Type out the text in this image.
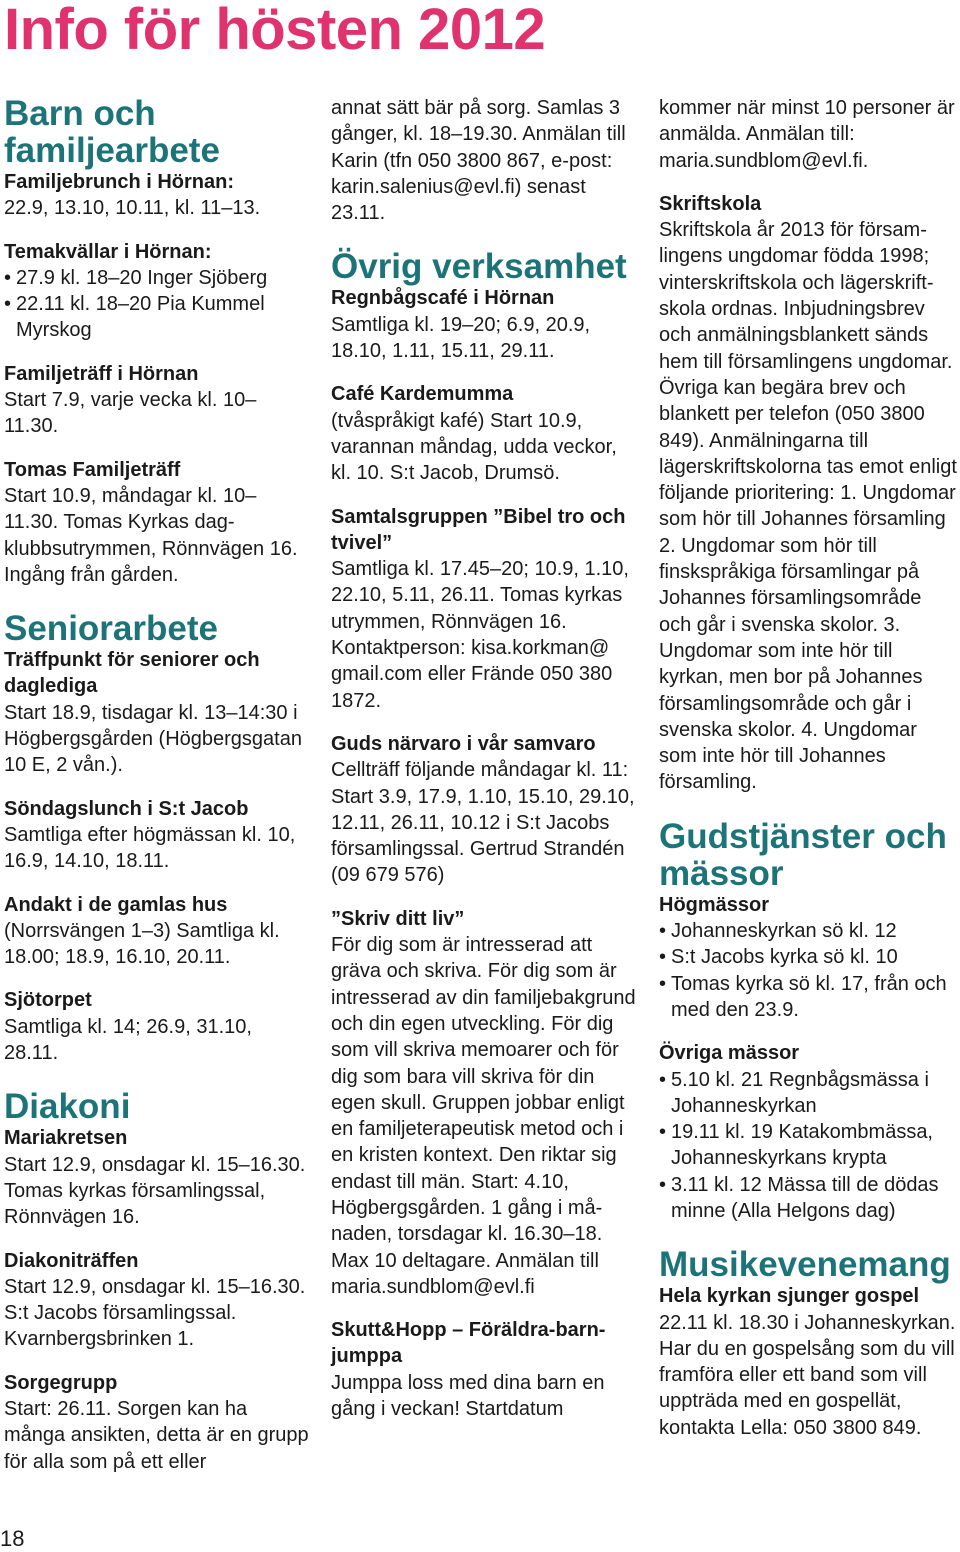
Info för hösten 2012
Barn och familjearbete

Familjebrunch i Hörnan:

22.9, 13.10, 10.11, kl. 11–13.

Temakvällar i Hörnan:

• 27.9 kl. 18–20 Inger Sjöberg

• 22.11 kl. 18–20 Pia Kummel Myrskog

Familjeträff i Hörnan

Start 7.9, varje vecka kl. 10–11.30.

Tomas Familjeträff

Start 10.9, måndagar kl. 10–11.30. Tomas Kyrkas dagklubbsutrymmen, Rönnvägen 16. Ingång från gården.

Seniorarbete

Träffpunkt för seniorer och daglediga

Start 18.9, tisdagar kl. 13–14:30 i Högbergsgården (Högbergsgatan 10 E, 2 vån.).

Söndagslunch i S:t Jacob

Samtliga efter högmässan kl. 10, 16.9, 14.10, 18.11.

Andakt i de gamlas hus

(Norrsvängen 1–3) Samtliga kl. 18.00; 18.9, 16.10, 20.11.

Sjötorpet

Samtliga kl. 14; 26.9, 31.10, 28.11.

Diakoni

Mariakretsen

Start 12.9, onsdagar kl. 15–16.30. Tomas kyrkas församlingssal, Rönnvägen 16.

Diakoniträffen

Start 12.9, onsdagar kl. 15–16.30. S:t Jacobs församlingssal. Kvarnbergsbrinken 1.

Sorgegrupp

Start: 26.11. Sorgen kan ha många ansikten, detta är en grupp för alla som på ett eller

annat sätt bär på sorg. Samlas 3 gånger, kl. 18–19.30. Anmälan till Karin (tfn 050 3800 867, e-post: karin.salenius@evl.fi) senast 23.11.

Övrig verksamhet

Regnbågscafé i Hörnan

Samtliga kl. 19–20; 6.9, 20.9, 18.10, 1.11, 15.11, 29.11.

Café Kardemumma

(tvåspråkigt kafé) Start 10.9, varannan måndag, udda veckor, kl. 10. S:t Jacob, Drumsö.

Samtalsgruppen ”Bibel tro och tvivel”

Samtliga kl. 17.45–20; 10.9, 1.10, 22.10, 5.11, 26.11. Tomas kyrkas utrymmen, Rönnvägen 16. Kontaktperson: kisa.korkman@ gmail.com eller Frände 050 380 1872.

Guds närvaro i vår samvaro

Cellträff följande måndagar kl. 11: Start 3.9, 17.9, 1.10, 15.10, 29.10, 12.11, 26.11, 10.12 i S:t Jacobs församlingssal. Gertrud Strandén (09 679 576)

”Skriv ditt liv”

För dig som är intresserad att gräva och skriva. För dig som är intresserad av din familjebakgrund och din egen utveckling. För dig som vill skriva memoarer och för dig som bara vill skriva för din egen skull. Gruppen jobbar enligt en familjeterapeutisk metod och i en kristen kontext. Den riktar sig endast till män. Start: 4.10, Högbergsgården. 1 gång i månaden, torsdagar kl. 16.30–18. Max 10 deltagare. Anmälan till maria.sundblom@evl.fi

Skutt&Hopp – Föräldra-barn-jumppa

Jumppa loss med dina barn en gång i veckan! Startdatum

kommer när minst 10 personer är anmälda. Anmälan till: maria.sundblom@evl.fi.

Skriftskola

Skriftskola år 2013 för församlingens ungdomar födda 1998; vinterskriftskola och lägerskriftskola ordnas. Inbjudningsbrev och anmälningsblankett sänds hem till församlingens ungdomar. Övriga kan begära brev och blankett per telefon (050 3800 849). Anmälningarna till lägerskriftskolorna tas emot enligt följande prioritering: 1. Ungdomar som hör till Johannes församling 2. Ungdomar som hör till finskspråkiga församlingar på Johannes församlingsområde och går i svenska skolor. 3. Ungdomar som inte hör till kyrkan, men bor på Johannes församlingsområde och går i svenska skolor. 4. Ungdomar som inte hör till Johannes församling.

Gudstjänster och mässor

Högmässor

• Johanneskyrkan sö kl. 12

• S:t Jacobs kyrka sö kl. 10

• Tomas kyrka sö kl. 17, från och med den 23.9.

Övriga mässor

• 5.10 kl. 21 Regnbågsmässa i Johanneskyrkan

• 19.11 kl. 19 Katakombmässa, Johanneskyrkans krypta

• 3.11 kl. 12 Mässa till de dödas minne (Alla Helgons dag)

Musikevenemang

Hela kyrkan sjunger gospel

22.11 kl. 18.30 i Johanneskyrkan. Har du en gospelsång som du vill framföra eller ett band som vill uppträda med en gospellät, kontakta Lella: 050 3800 849.

18
